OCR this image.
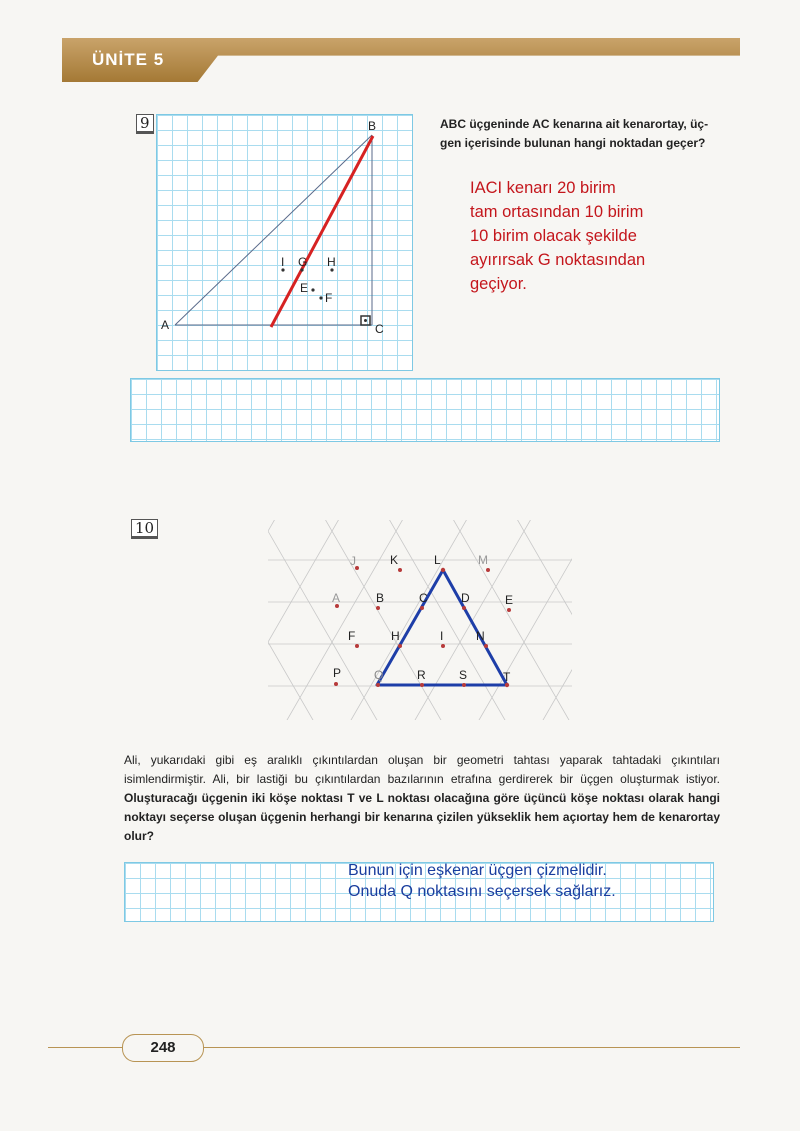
ÜNİTE 5
9
A
B
C
I G H
E
F
ABC üçgeninde AC kenarına ait kenarortay, üç-
gen içerisinde bulunan hangi noktadan geçer?
IACI kenarı 20 birim
tam ortasından 10 birim
10 birim olacak şekilde
ayırırsak G noktasından
geçiyor.
10
J	K	L	M
A	B	C	D	E
F	H	I	N
P	Q	R	S	T
Ali, yukarıdaki gibi eş aralıklı çıkıntılardan oluşan bir geometri tahtası yaparak tahtadaki çıkıntıları isimlendirmiştir. Ali, bir lastiği bu çıkıntılardan bazılarının etrafına gerdirerek bir üçgen oluşturmak istiyor. Oluşturacağı üçgenin iki köşe noktası T ve L noktası olacağına göre üçüncü köşe noktası olarak hangi noktayı seçerse oluşan üçgenin herhangi bir kenarına çizilen yükseklik hem açıortay hem de kenarortay olur?
Bunun için eşkenar üçgen çizmelidir.
Onuda Q noktasını seçersek sağlarız.
248
